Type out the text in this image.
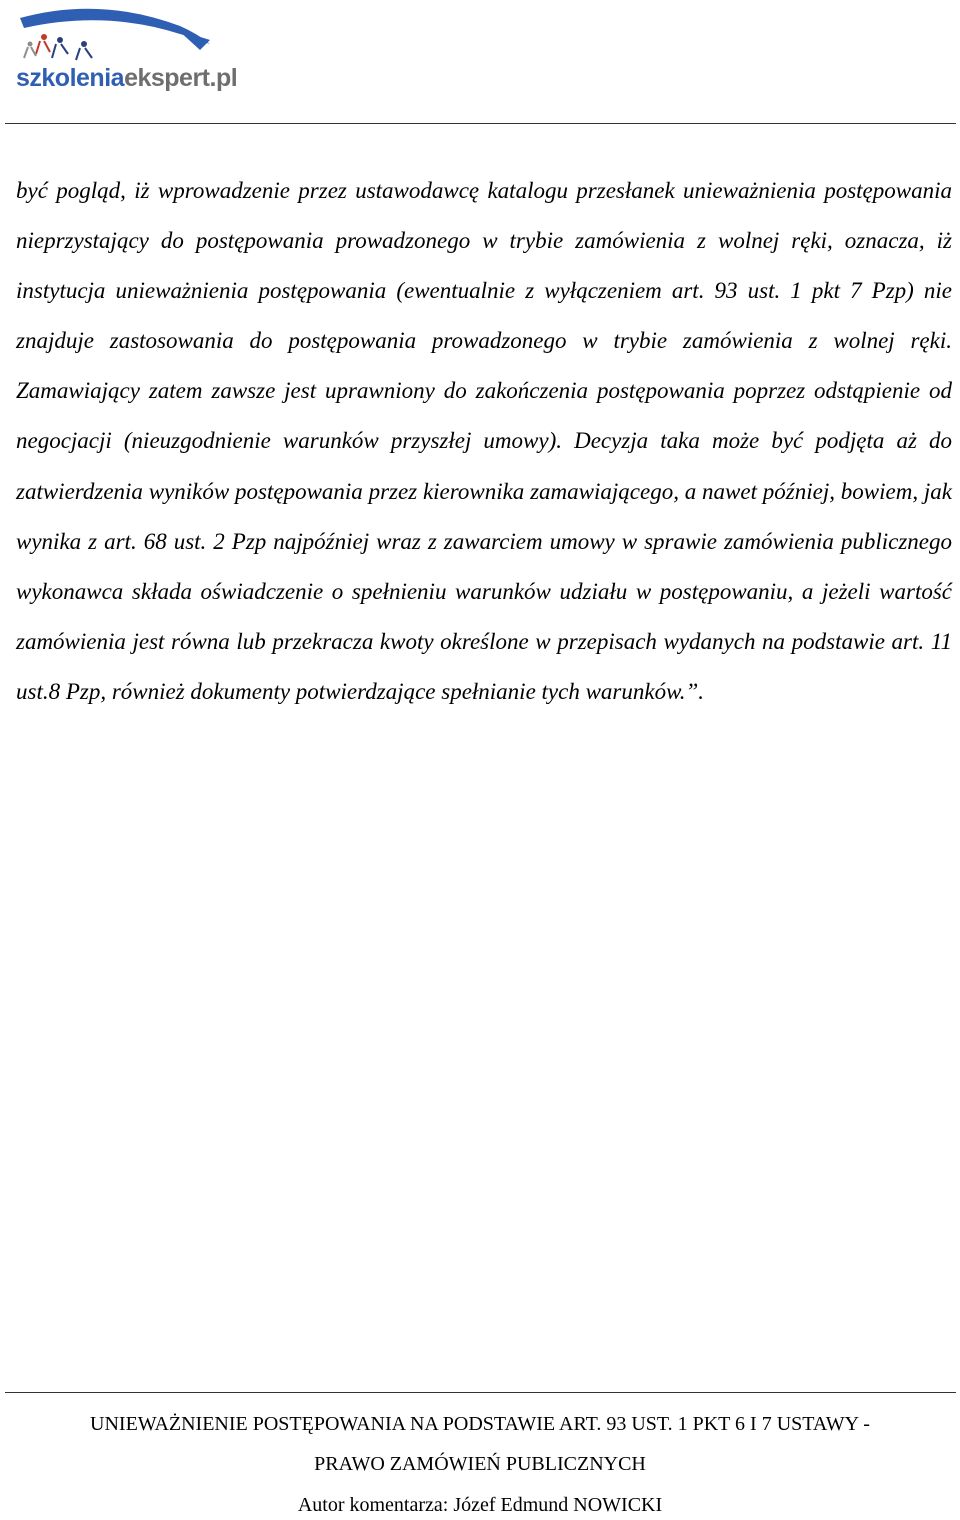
szkoleniaekspert.pl

być pogląd, iż wprowadzenie przez ustawodawcę katalogu przesłanek unieważnienia postępowania nieprzystający do postępowania prowadzonego w trybie zamówienia z wolnej ręki, oznacza, iż instytucja unieważnienia postępowania (ewentualnie z wyłączeniem art. 93 ust. 1 pkt 7 Pzp) nie znajduje zastosowania do postępowania prowadzonego w trybie zamówienia z wolnej ręki. Zamawiający zatem zawsze jest uprawniony do zakończenia postępowania poprzez odstąpienie od negocjacji (nieuzgodnienie warunków przyszłej umowy). Decyzja taka może być podjęta aż do zatwierdzenia wyników postępowania przez kierownika zamawiającego, a nawet później, bowiem, jak wynika z art. 68 ust. 2 Pzp najpóźniej wraz z zawarciem umowy w sprawie zamówienia publicznego wykonawca składa oświadczenie o spełnieniu warunków udziału w postępowaniu, a jeżeli wartość zamówienia jest równa lub przekracza kwoty określone w przepisach wydanych na podstawie art. 11 ust.8 Pzp, również dokumenty potwierdzające spełnianie tych warunków.”.

UNIEWAŻNIENIE POSTĘPOWANIA NA PODSTAWIE ART. 93 UST. 1 PKT 6 I 7 USTAWY -
PRAWO ZAMÓWIEŃ PUBLICZNYCH
Autor komentarza: Józef Edmund NOWICKI
